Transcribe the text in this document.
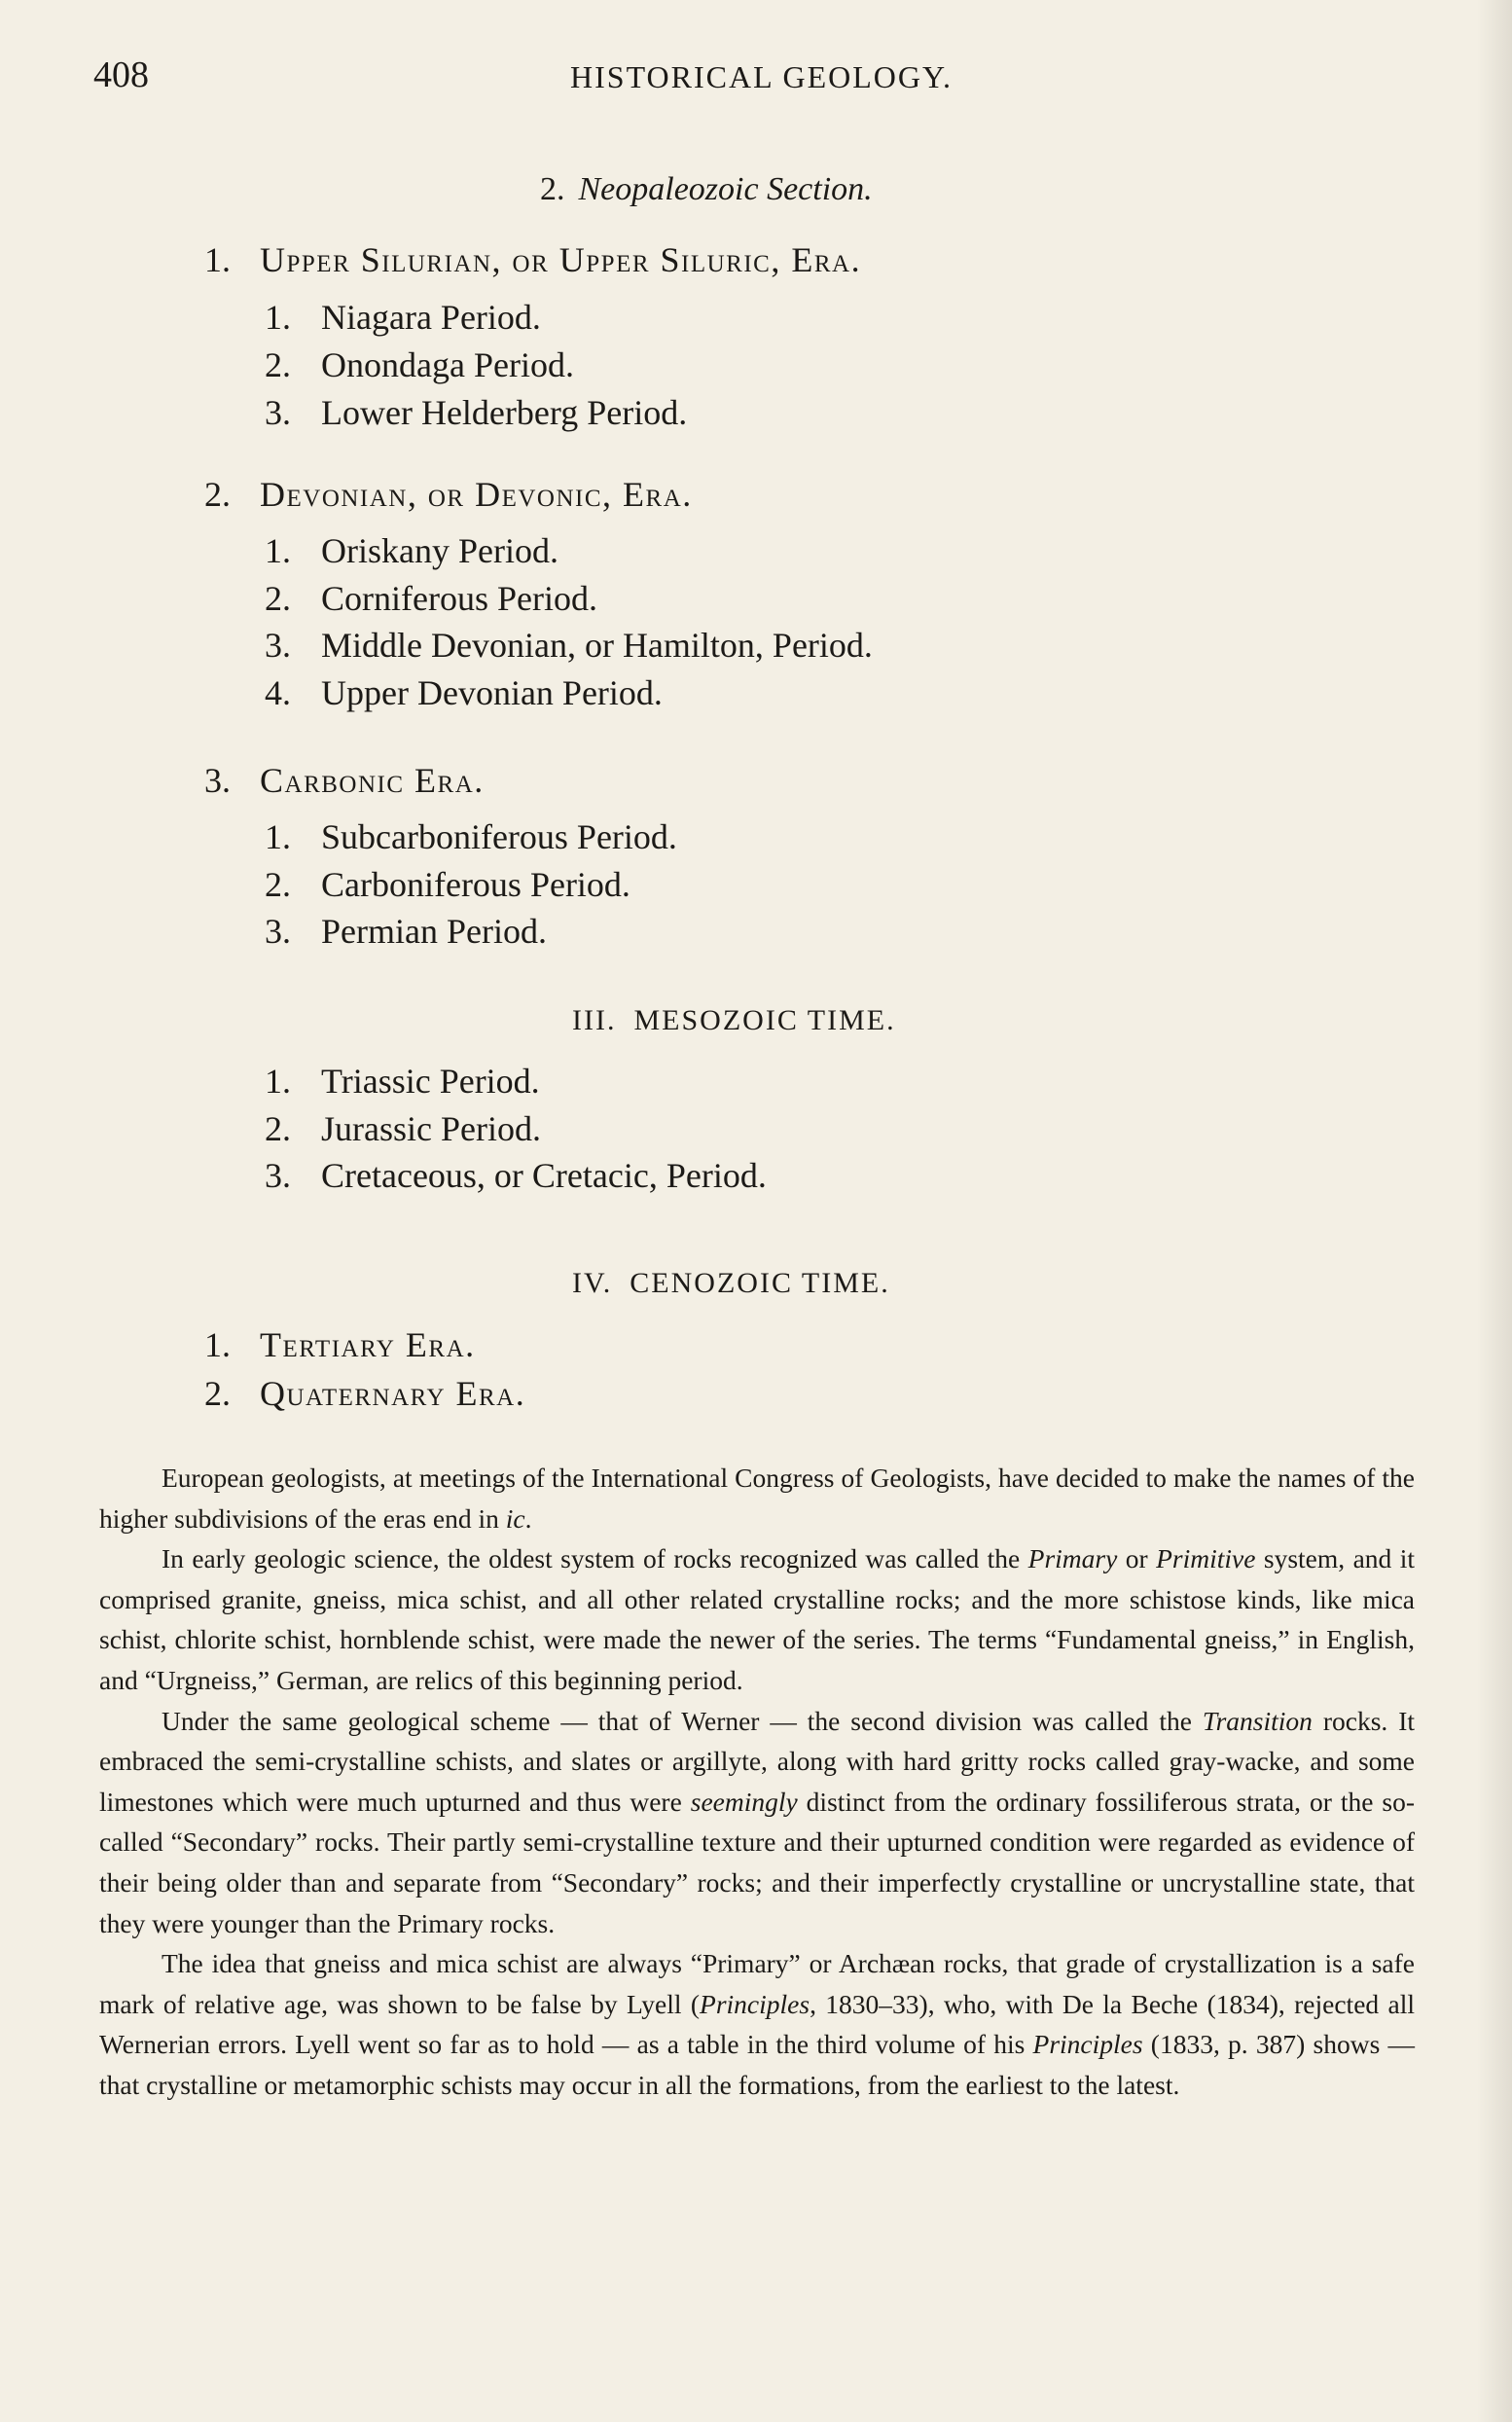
408	HISTORICAL GEOLOGY.
2. Neopaleozoic Section.
1. Upper Silurian, or Upper Siluric, Era.
1. Niagara Period.
2. Onondaga Period.
3. Lower Helderberg Period.
2. Devonian, or Devonic, Era.
1. Oriskany Period.
2. Corniferous Period.
3. Middle Devonian, or Hamilton, Period.
4. Upper Devonian Period.
3. Carbonic Era.
1. Subcarboniferous Period.
2. Carboniferous Period.
3. Permian Period.
III. MESOZOIC TIME.
1. Triassic Period.
2. Jurassic Period.
3. Cretaceous, or Cretacic, Period.
IV. CENOZOIC TIME.
1. Tertiary Era.
2. Quaternary Era.

European geologists, at meetings of the International Congress of Geologists, have decided to make the names of the higher subdivisions of the eras end in ic.

In early geologic science, the oldest system of rocks recognized was called the Primary or Primitive system, and it comprised granite, gneiss, mica schist, and all other related crystalline rocks; and the more schistose kinds, like mica schist, chlorite schist, hornblende schist, were made the newer of the series. The terms “Fundamental gneiss,” in English, and “Urgneiss,” German, are relics of this beginning period.

Under the same geological scheme — that of Werner — the second division was called the Transition rocks. It embraced the semi-crystalline schists, and slates or argillyte, along with hard gritty rocks called gray-wacke, and some limestones which were much upturned and thus were seemingly distinct from the ordinary fossiliferous strata, or the so-called “Secondary” rocks. Their partly semi-crystalline texture and their upturned condition were regarded as evidence of their being older than and separate from “Secondary” rocks; and their imperfectly crystalline or uncrystalline state, that they were younger than the Primary rocks.

The idea that gneiss and mica schist are always “Primary” or Archæan rocks, that grade of crystallization is a safe mark of relative age, was shown to be false by Lyell (Principles, 1830–33), who, with De la Beche (1834), rejected all Wernerian errors. Lyell went so far as to hold — as a table in the third volume of his Principles (1833, p. 387) shows — that crystalline or metamorphic schists may occur in all the formations, from the earliest to the latest.
